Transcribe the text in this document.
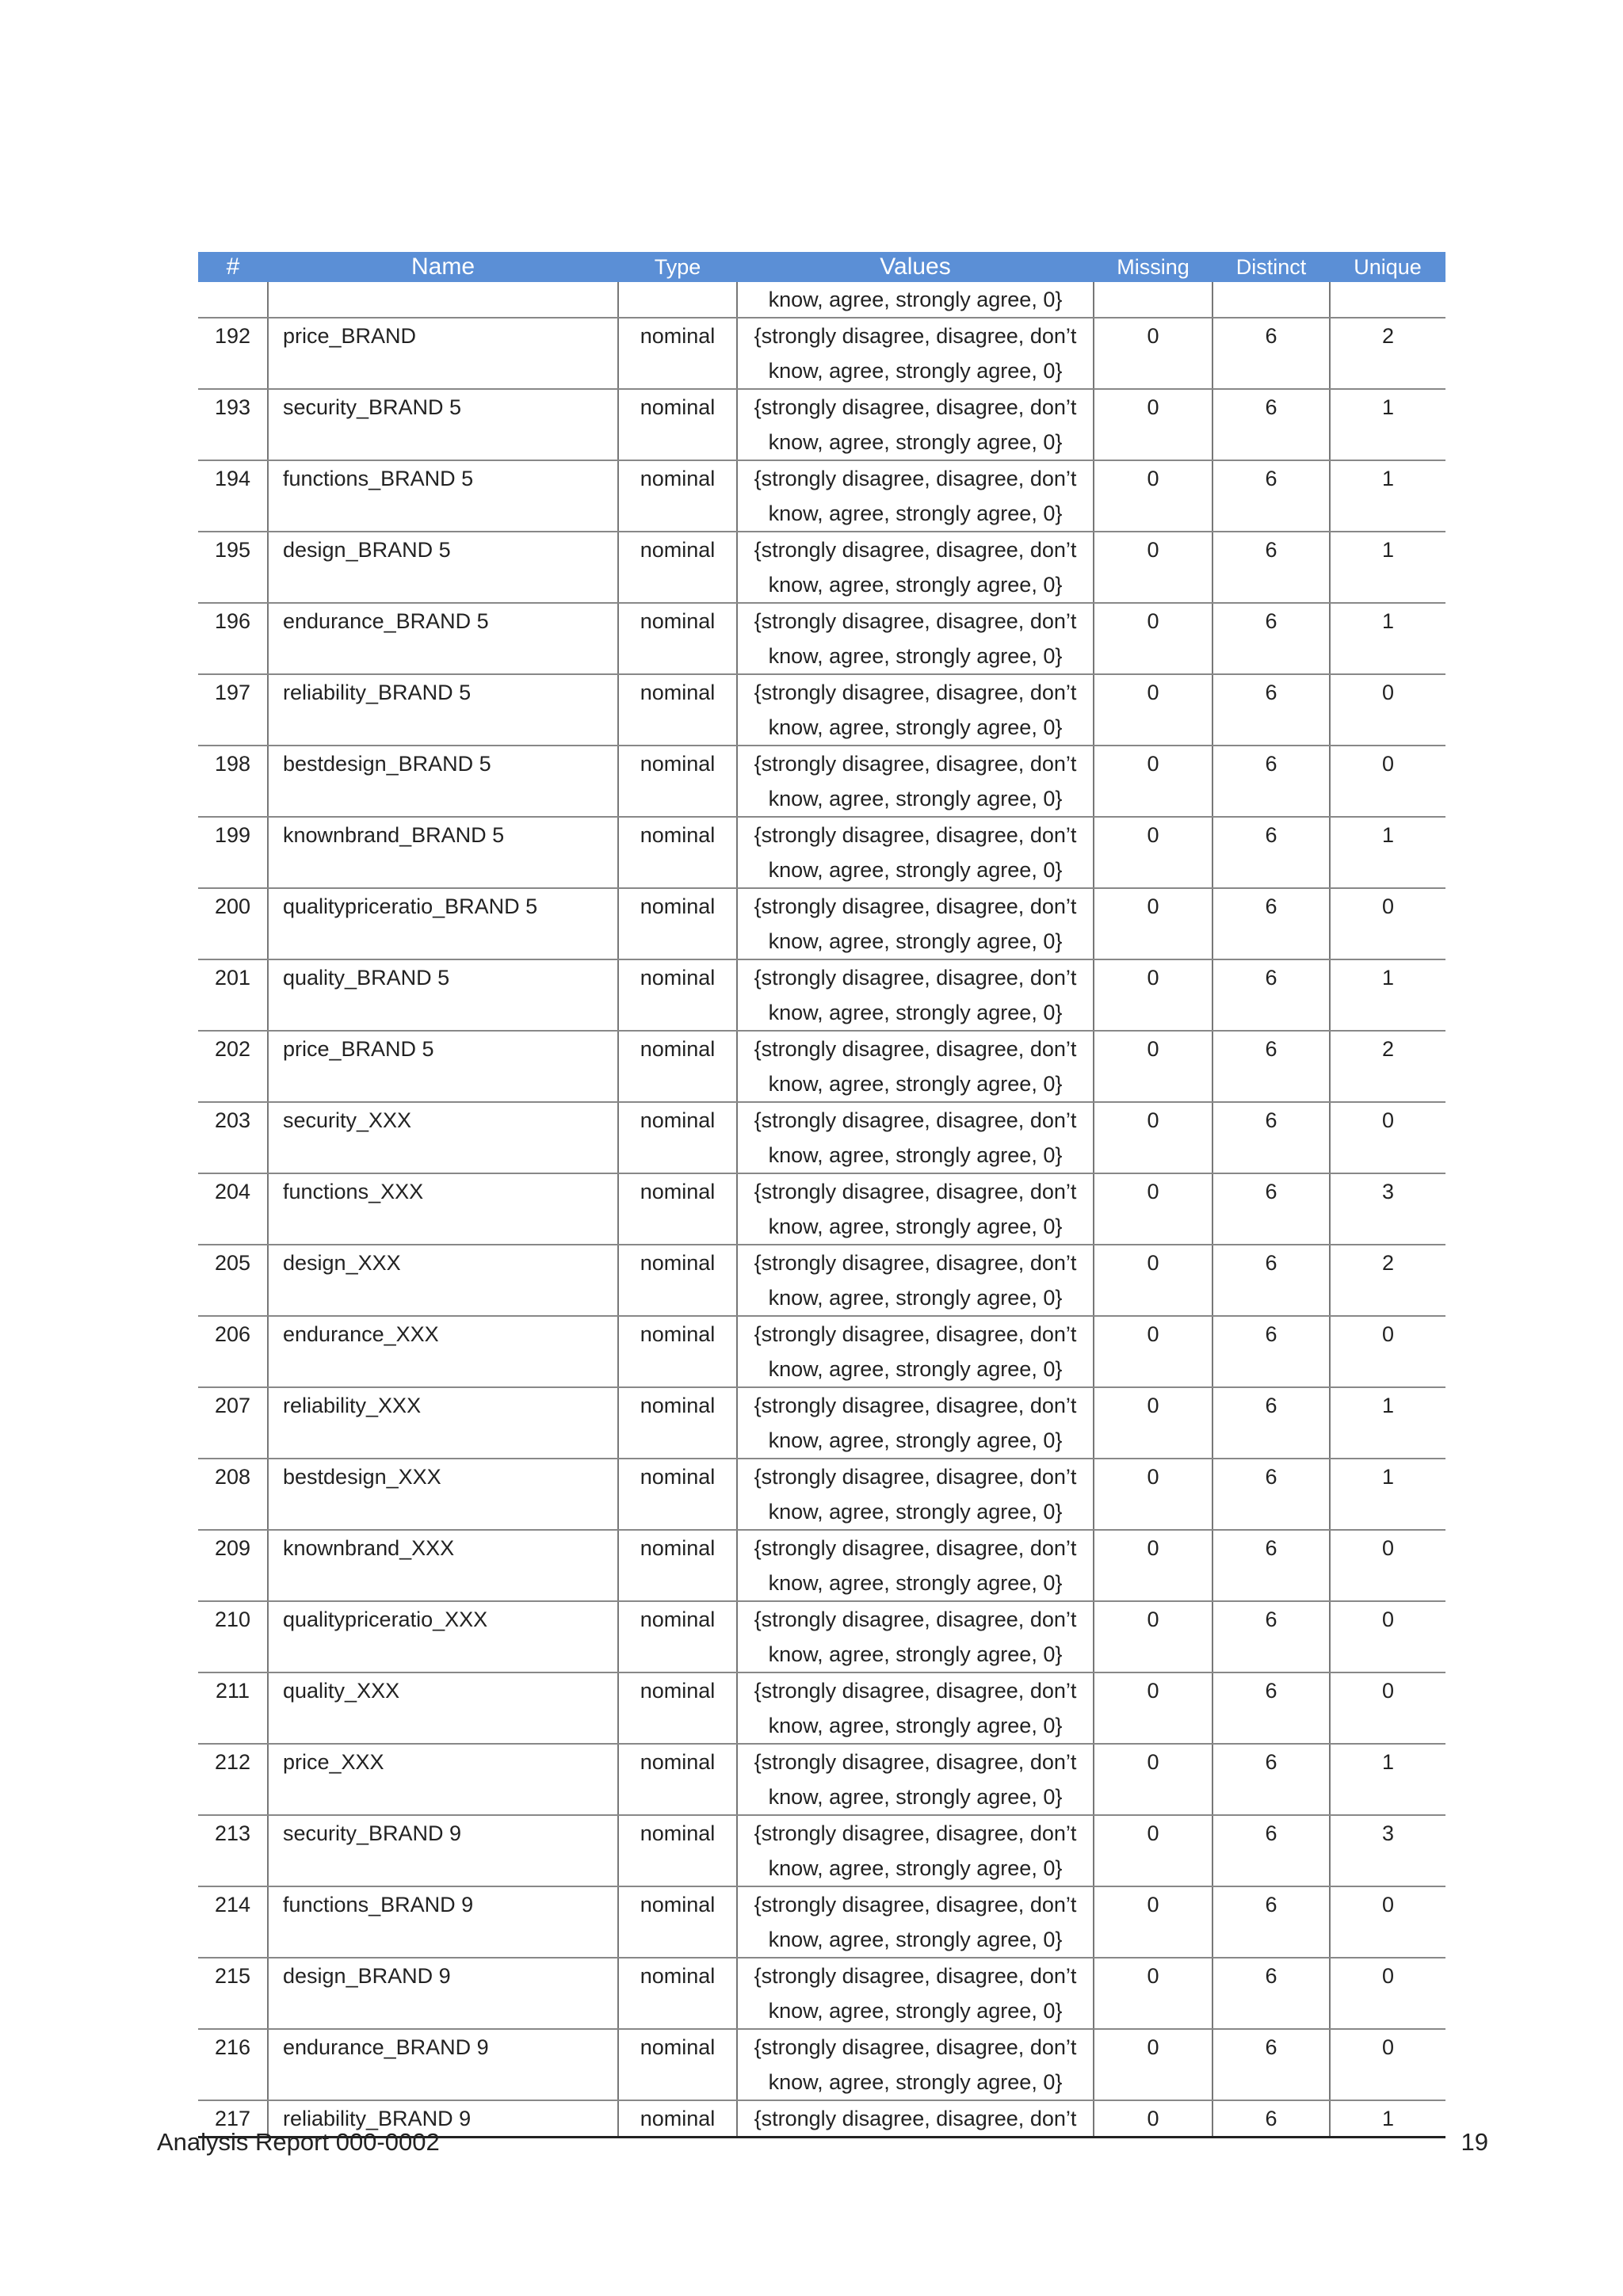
#	Name	Type	Values	Missing	Distinct	Unique
			know, agree, strongly agree, 0}			
192	price_BRAND	nominal	{strongly disagree, disagree, don’t know, agree, strongly agree, 0}	0	6	2
193	security_BRAND 5	nominal	{strongly disagree, disagree, don’t know, agree, strongly agree, 0}	0	6	1
194	functions_BRAND 5	nominal	{strongly disagree, disagree, don’t know, agree, strongly agree, 0}	0	6	1
195	design_BRAND 5	nominal	{strongly disagree, disagree, don’t know, agree, strongly agree, 0}	0	6	1
196	endurance_BRAND 5	nominal	{strongly disagree, disagree, don’t know, agree, strongly agree, 0}	0	6	1
197	reliability_BRAND 5	nominal	{strongly disagree, disagree, don’t know, agree, strongly agree, 0}	0	6	0
198	bestdesign_BRAND 5	nominal	{strongly disagree, disagree, don’t know, agree, strongly agree, 0}	0	6	0
199	knownbrand_BRAND 5	nominal	{strongly disagree, disagree, don’t know, agree, strongly agree, 0}	0	6	1
200	qualitypriceratio_BRAND 5	nominal	{strongly disagree, disagree, don’t know, agree, strongly agree, 0}	0	6	0
201	quality_BRAND 5	nominal	{strongly disagree, disagree, don’t know, agree, strongly agree, 0}	0	6	1
202	price_BRAND 5	nominal	{strongly disagree, disagree, don’t know, agree, strongly agree, 0}	0	6	2
203	security_XXX	nominal	{strongly disagree, disagree, don’t know, agree, strongly agree, 0}	0	6	0
204	functions_XXX	nominal	{strongly disagree, disagree, don’t know, agree, strongly agree, 0}	0	6	3
205	design_XXX	nominal	{strongly disagree, disagree, don’t know, agree, strongly agree, 0}	0	6	2
206	endurance_XXX	nominal	{strongly disagree, disagree, don’t know, agree, strongly agree, 0}	0	6	0
207	reliability_XXX	nominal	{strongly disagree, disagree, don’t know, agree, strongly agree, 0}	0	6	1
208	bestdesign_XXX	nominal	{strongly disagree, disagree, don’t know, agree, strongly agree, 0}	0	6	1
209	knownbrand_XXX	nominal	{strongly disagree, disagree, don’t know, agree, strongly agree, 0}	0	6	0
210	qualitypriceratio_XXX	nominal	{strongly disagree, disagree, don’t know, agree, strongly agree, 0}	0	6	0
211	quality_XXX	nominal	{strongly disagree, disagree, don’t know, agree, strongly agree, 0}	0	6	0
212	price_XXX	nominal	{strongly disagree, disagree, don’t know, agree, strongly agree, 0}	0	6	1
213	security_BRAND 9	nominal	{strongly disagree, disagree, don’t know, agree, strongly agree, 0}	0	6	3
214	functions_BRAND 9	nominal	{strongly disagree, disagree, don’t know, agree, strongly agree, 0}	0	6	0
215	design_BRAND 9	nominal	{strongly disagree, disagree, don’t know, agree, strongly agree, 0}	0	6	0
216	endurance_BRAND 9	nominal	{strongly disagree, disagree, don’t know, agree, strongly agree, 0}	0	6	0
217	reliability_BRAND 9	nominal	{strongly disagree, disagree, don’t	0	6	1
Analysis Report 000-0002	19
